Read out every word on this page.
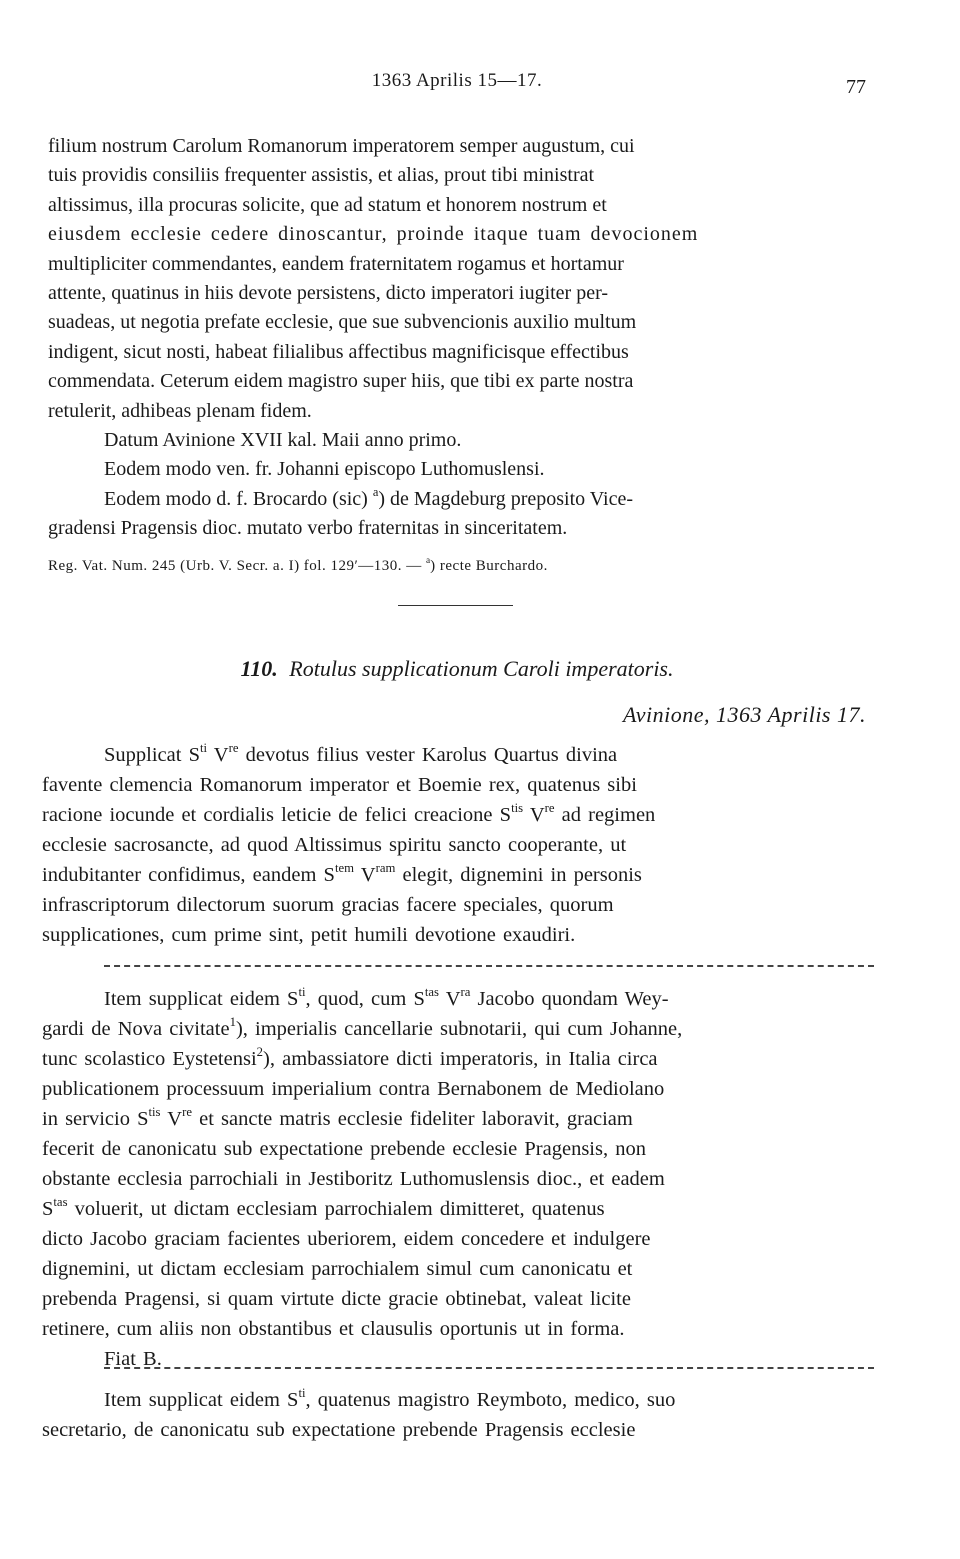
1363 Aprilis 15—17.	77

filium nostrum Carolum Romanorum imperatorem semper augustum, cui

tuis providis consiliis frequenter assistis, et alias, prout tibi ministrat

altissimus, illa procuras solicite, que ad statum et honorem nostrum et

eiusdem ecclesie cedere dinoscantur, proinde itaque tuam devocionem

multipliciter commendantes, eandem fraternitatem rogamus et hortamur

attente, quatinus in hiis devote persistens, dicto imperatori iugiter per-

suadeas, ut negotia prefate ecclesie, que sue subvencionis auxilio multum

indigent, sicut nosti, habeat filialibus affectibus magnificisque effectibus

commendata. Ceterum eidem magistro super hiis, que tibi ex parte nostra

retulerit, adhibeas plenam fidem.

Datum Avinione XVII kal. Maii anno primo.

Eodem modo ven. fr. Johanni episcopo Luthomuslensi.

Eodem modo d. f. Brocardo (sic) $^a$) de Magdeburg preposito Vice-

gradensi Pragensis dioc. mutato verbo fraternitas in sinceritatem.

Reg. Vat. Num. 245 (Urb. V. Secr. a. I) fol. 129′—130. — $^a$) recte Burchardo.
110. Rotulus supplicationum Caroli imperatoris.
Avinione, 1363 Aprilis 17.

Supplicat $S^{ti}$ Vre devotus filius vester Karolus Quartus divina

favente clemencia Romanorum imperator et Boemie rex, quatenus sibi

racione iocunde et cordialis leticie de felici creacione $S^{tis}$ Vre ad regimen

ecclesie sacrosancte, ad quod Altissimus spiritu sancto cooperante, ut

indubitanter confidimus, eandem $S^{tem}$ $V^{ram}$ elegit, dignemini in personis

infrascriptorum dilectorum suorum gracias facere speciales, quorum

supplicationes, cum prime sint, petit humili devotione exaudiri.

Item supplicat eidem $S^{ti}$, quod, cum $S^{tas}$ $V^{ra}$ Jacobo quondam Wey-

gardi de Nova civitate$^1$), imperialis cancellarie subnotarii, qui cum Johanne,

tunc scolastico Eystetensi$^2$), ambassiatore dicti imperatoris, in Italia circa

publicationem processuum imperialium contra Bernabonem de Mediolano

in servicio $S^{tis}$ Vre et sancte matris ecclesie fideliter laboravit, graciam

fecerit de canonicatu sub expectatione prebende ecclesie Pragensis, non

obstante ecclesia parrochiali in Jestiboritz Luthomuslensis dioc., et eadem

$S^{tas}$ voluerit, ut dictam ecclesiam parrochialem dimitteret, quatenus

dicto Jacobo graciam facientes uberiorem, eidem concedere et indulgere

dignemini, ut dictam ecclesiam parrochialem simul cum canonicatu et

prebenda Pragensi, si quam virtute dicte gracie obtinebat, valeat licite

retinere, cum aliis non obstantibus et clausulis oportunis ut in forma.

Fiat B.

Item supplicat eidem $S^{ti}$, quatenus magistro Reymboto, medico, suo

secretario, de canonicatu sub expectatione prebende Pragensis ecclesie
